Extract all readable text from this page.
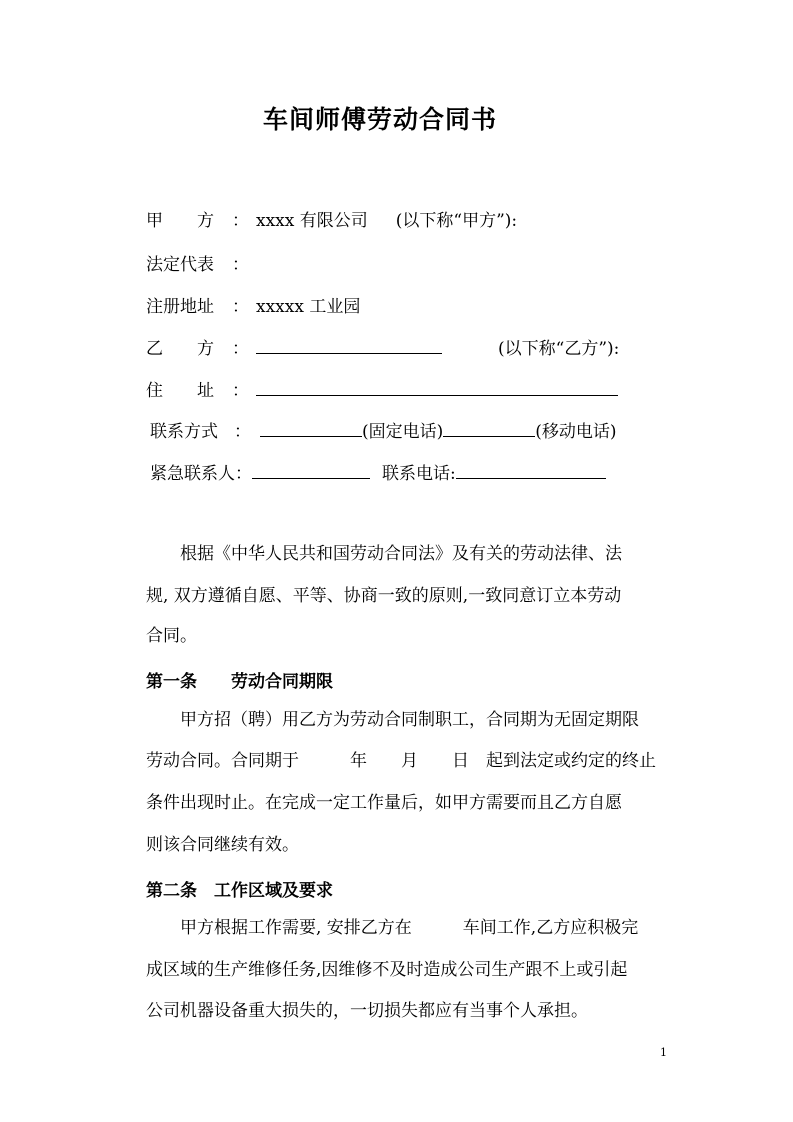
车间师傅劳动合同书
甲　　方 ： xxxx 有限公司 (以下称“甲方”):
法定代表 ：
注册地址 ： xxxxx 工业园
乙　　方 ：	(以下称“乙方”):
住　　址 ：
联系方式 ：	(固定电话)	(移动电话)
紧急联系人：	联系电话:
　　根据《中华人民共和国劳动合同法》及有关的劳动法律、法
规, 双方遵循自愿、平等、协商一致的原则,一致同意订立本劳动
合同。
第一条　　劳动合同期限
　　甲方招（聘）用乙方为劳动合同制职工，合同期为无固定期限
劳动合同。合同期于　　　年　　月　　日　起到法定或约定的终止
条件出现时止。在完成一定工作量后，如甲方需要而且乙方自愿
则该合同继续有效。
第二条　工作区域及要求
　　甲方根据工作需要, 安排乙方在　　　车间工作,乙方应积极完
成区域的生产维修任务,因维修不及时造成公司生产跟不上或引起
公司机器设备重大损失的，一切损失都应有当事个人承担。
1
